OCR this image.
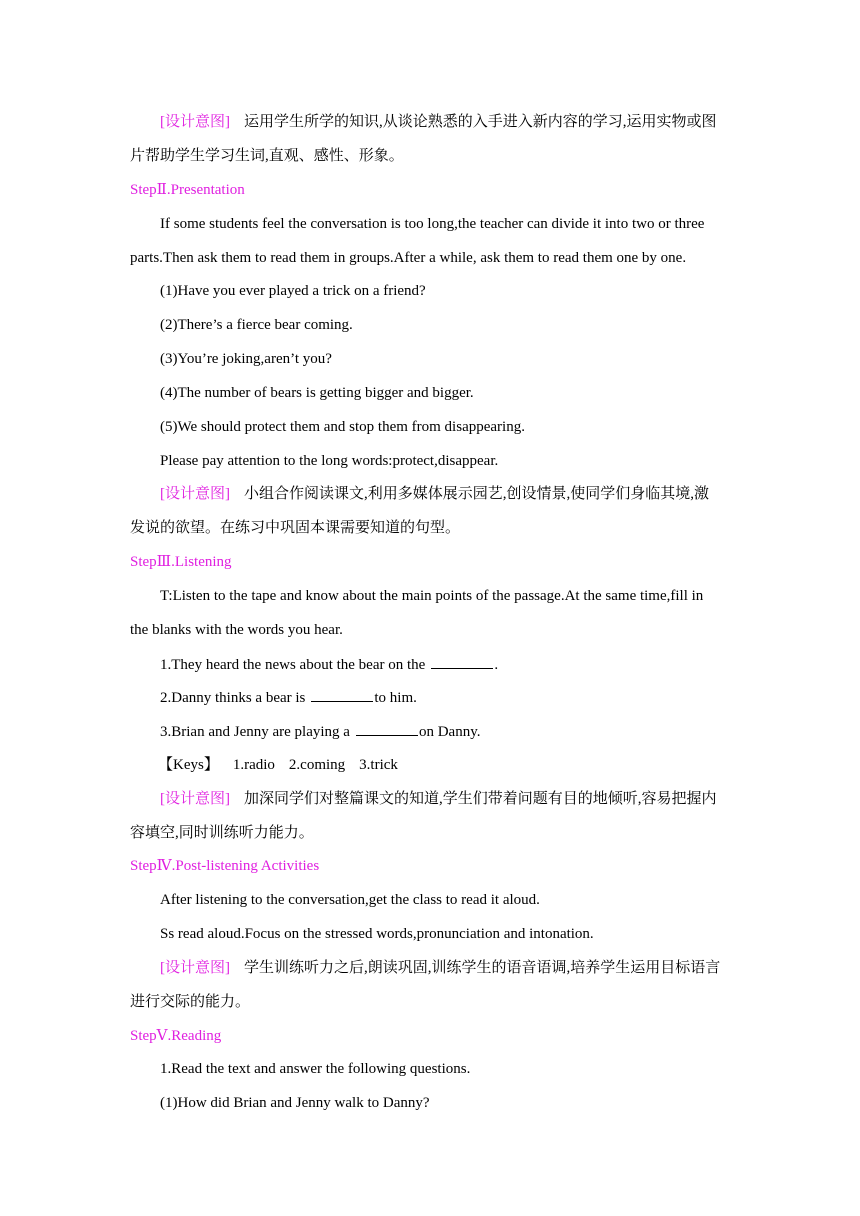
[设计意图] 运用学生所学的知识,从谈论熟悉的入手进入新内容的学习,运用实物或图
片帮助学生学习生词,直观、感性、形象。
StepⅡ.Presentation
If some students feel the conversation is too long,the teacher can divide it into two or three
parts.Then ask them to read them in groups.After a while, ask them to read them one by one.
(1)Have you ever played a trick on a friend?
(2)There’s a fierce bear coming.
(3)You’re joking,aren’t you?
(4)The number of bears is getting bigger and bigger.
(5)We should protect them and stop them from disappearing.
Please pay attention to the long words:protect,disappear.
[设计意图] 小组合作阅读课文,利用多媒体展示园艺,创设情景,使同学们身临其境,激
发说的欲望。在练习中巩固本课需要知道的句型。
StepⅢ.Listening
T:Listen to the tape and know about the main points of the passage.At the same time,fill in
the blanks with the words you hear.
1.They heard the news about the bear on the	.
2.Danny thinks a bear is	to him.
3.Brian and Jenny are playing a	on Danny.
【Keys】 1.radio 2.coming 3.trick
[设计意图] 加深同学们对整篇课文的知道,学生们带着问题有目的地倾听,容易把握内
容填空,同时训练听力能力。
StepⅣ.Post-listening Activities
After listening to the conversation,get the class to read it aloud.
Ss read aloud.Focus on the stressed words,pronunciation and intonation.
[设计意图] 学生训练听力之后,朗读巩固,训练学生的语音语调,培养学生运用目标语言
进行交际的能力。
StepⅤ.Reading
1.Read the text and answer the following questions.
(1)How did Brian and Jenny walk to Danny?
